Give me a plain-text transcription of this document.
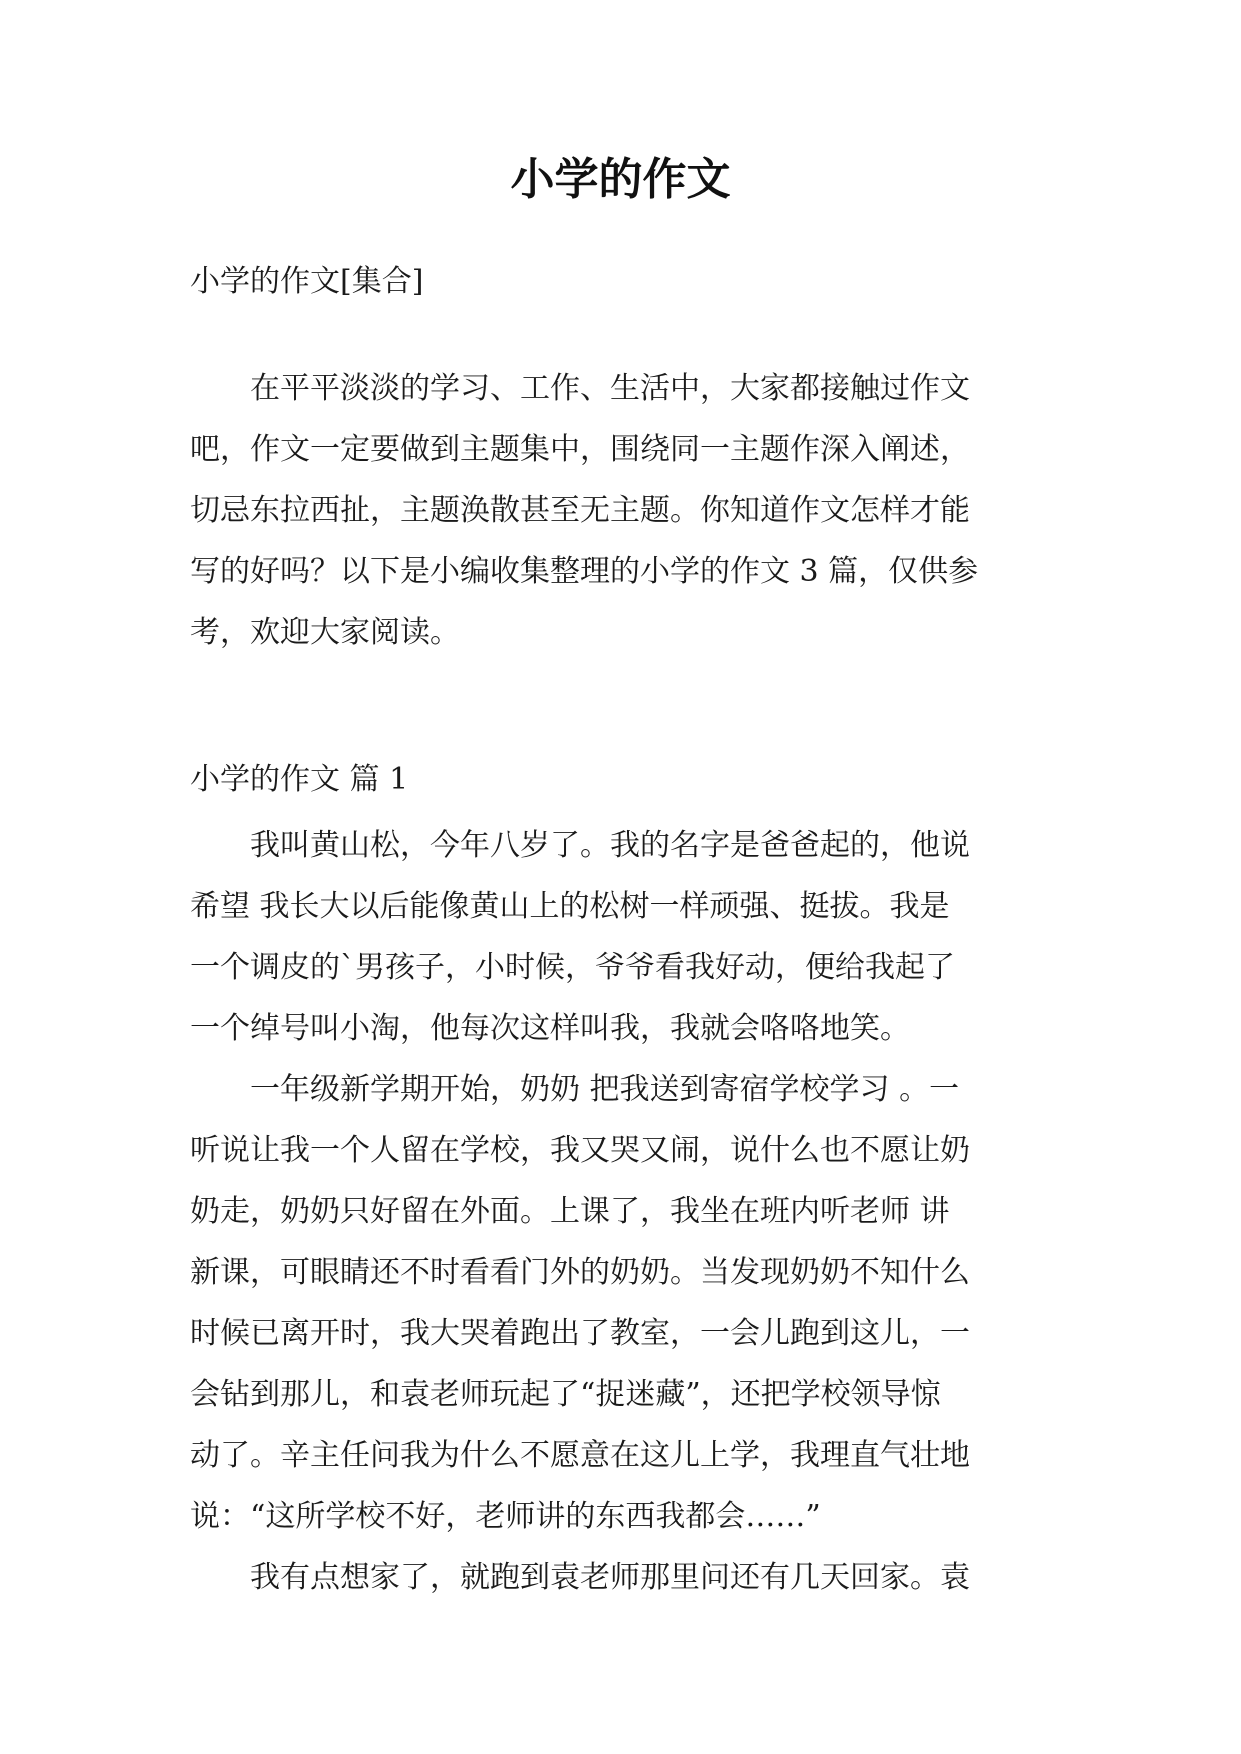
小学的作文

小学的作文[集合]

　　在平平淡淡的学习、工作、生活中，大家都接触过作文
吧，作文一定要做到主题集中，围绕同一主题作深入阐述，
切忌东拉西扯，主题涣散甚至无主题。你知道作文怎样才能
写的好吗？以下是小编收集整理的小学的作文 3 篇，仅供参
考，欢迎大家阅读。

小学的作文 篇 1

　　我叫黄山松，今年八岁了。我的名字是爸爸起的，他说
希望 我长大以后能像黄山上的松树一样顽强、挺拔。我是
一个调皮的`男孩子，小时候，爷爷看我好动，便给我起了
一个绰号叫小淘，他每次这样叫我，我就会咯咯地笑。
　　一年级新学期开始，奶奶 把我送到寄宿学校学习 。一
听说让我一个人留在学校，我又哭又闹，说什么也不愿让奶
奶走，奶奶只好留在外面。上课了，我坐在班内听老师 讲
新课，可眼睛还不时看看门外的奶奶。当发现奶奶不知什么
时候已离开时，我大哭着跑出了教室，一会儿跑到这儿，一
会钻到那儿，和袁老师玩起了“捉迷藏”，还把学校领导惊
动了。辛主任问我为什么不愿意在这儿上学，我理直气壮地
说：“这所学校不好，老师讲的东西我都会……”
　　我有点想家了，就跑到袁老师那里问还有几天回家。袁
